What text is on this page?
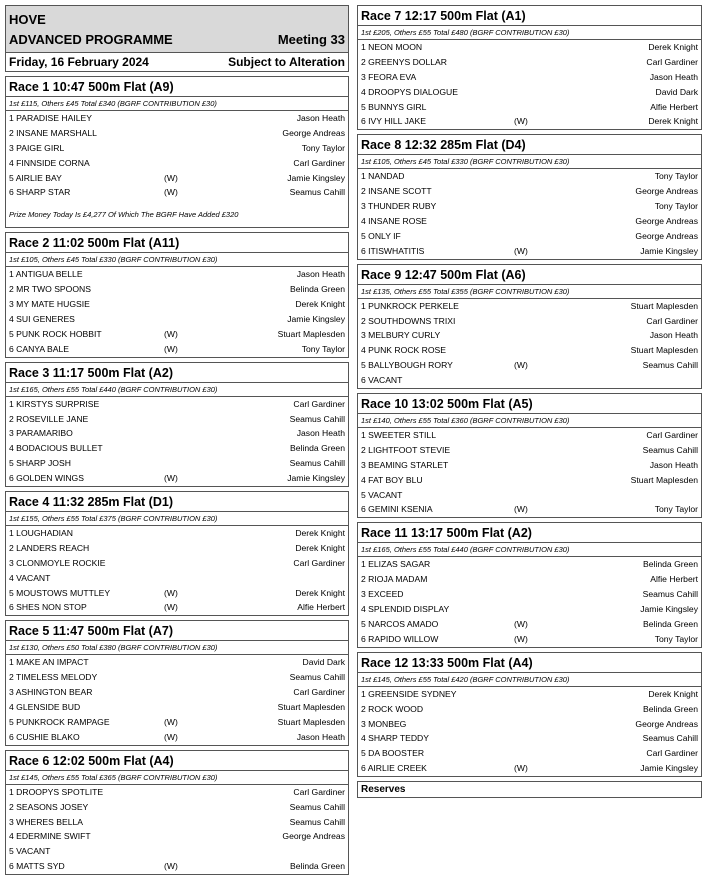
HOVE
ADVANCED PROGRAMME	Meeting 33
Friday, 16 February 2024	Subject to Alteration
Race 1 10:47 500m Flat (A9)
1st £115, Others £45 Total £340 (BGRF CONTRIBUTION £30)
1 PARADISE HAILEY	Jason Heath
2 INSANE MARSHALL	George Andreas
3 PAIGE GIRL	Tony Taylor
4 FINNSIDE CORNA	Carl Gardiner
5 AIRLIE BAY	(W)	Jamie Kingsley
6 SHARP STAR	(W)	Seamus Cahill
Prize Money Today Is £4,277 Of Which The BGRF Have Added £320
Race 2 11:02 500m Flat (A11)
1st £105, Others £45 Total £330 (BGRF CONTRIBUTION £30)
1 ANTIGUA BELLE	Jason Heath
2 MR TWO SPOONS	Belinda Green
3 MY MATE HUGSIE	Derek Knight
4 SUI GENERES	Jamie Kingsley
5 PUNK ROCK HOBBIT	(W)	Stuart Maplesden
6 CANYA BALE	(W)	Tony Taylor
Race 3 11:17 500m Flat (A2)
1st £165, Others £55 Total £440 (BGRF CONTRIBUTION £30)
1 KIRSTYS SURPRISE	Carl Gardiner
2 ROSEVILLE JANE	Seamus Cahill
3 PARAMARIBO	Jason Heath
4 BODACIOUS BULLET	Belinda Green
5 SHARP JOSH	Seamus Cahill
6 GOLDEN WINGS	(W)	Jamie Kingsley
Race 4 11:32 285m Flat (D1)
1st £155, Others £55 Total £375 (BGRF CONTRIBUTION £30)
1 LOUGHADIAN	Derek Knight
2 LANDERS REACH	Derek Knight
3 CLONMOYLE ROCKIE	Carl Gardiner
4 VACANT
5 MOUSTOWS MUTTLEY	(W)	Derek Knight
6 SHES NON STOP	(W)	Alfie Herbert
Race 5 11:47 500m Flat (A7)
1st £130, Others £50 Total £380 (BGRF CONTRIBUTION £30)
1 MAKE AN IMPACT	David Dark
2 TIMELESS MELODY	Seamus Cahill
3 ASHINGTON BEAR	Carl Gardiner
4 GLENSIDE BUD	Stuart Maplesden
5 PUNKROCK RAMPAGE	(W)	Stuart Maplesden
6 CUSHIE BLAKO	(W)	Jason Heath
Race 6 12:02 500m Flat (A4)
1st £145, Others £55 Total £365 (BGRF CONTRIBUTION £30)
1 DROOPYS SPOTLITE	Carl Gardiner
2 SEASONS JOSEY	Seamus Cahill
3 WHERES BELLA	Seamus Cahill
4 EDERMINE SWIFT	George Andreas
5 VACANT
6 MATTS SYD	(W)	Belinda Green
Race 7 12:17 500m Flat (A1)
1st £205, Others £55 Total £480 (BGRF CONTRIBUTION £30)
1 NEON MOON	Derek Knight
2 GREENYS DOLLAR	Carl Gardiner
3 FEORA EVA	Jason Heath
4 DROOPYS DIALOGUE	David Dark
5 BUNNYS GIRL	Alfie Herbert
6 IVY HILL JAKE	(W)	Derek Knight
Race 8 12:32 285m Flat (D4)
1st £105, Others £45 Total £330 (BGRF CONTRIBUTION £30)
1 NANDAD	Tony Taylor
2 INSANE SCOTT	George Andreas
3 THUNDER RUBY	Tony Taylor
4 INSANE ROSE	George Andreas
5 ONLY IF	George Andreas
6 ITISWHATITIS	(W)	Jamie Kingsley
Race 9 12:47 500m Flat (A6)
1st £135, Others £55 Total £355 (BGRF CONTRIBUTION £30)
1 PUNKROCK PERKELE	Stuart Maplesden
2 SOUTHDOWNS TRIXI	Carl Gardiner
3 MELBURY CURLY	Jason Heath
4 PUNK ROCK ROSE	Stuart Maplesden
5 BALLYBOUGH RORY	(W)	Seamus Cahill
6 VACANT
Race 10 13:02 500m Flat (A5)
1st £140, Others £55 Total £360 (BGRF CONTRIBUTION £30)
1 SWEETER STILL	Carl Gardiner
2 LIGHTFOOT STEVIE	Seamus Cahill
3 BEAMING STARLET	Jason Heath
4 FAT BOY BLU	Stuart Maplesden
5 VACANT
6 GEMINI KSENIA	(W)	Tony Taylor
Race 11 13:17 500m Flat (A2)
1st £165, Others £55 Total £440 (BGRF CONTRIBUTION £30)
1 ELIZAS SAGAR	Belinda Green
2 RIOJA MADAM	Alfie Herbert
3 EXCEED	Seamus Cahill
4 SPLENDID DISPLAY	Jamie Kingsley
5 NARCOS AMADO	(W)	Belinda Green
6 RAPIDO WILLOW	(W)	Tony Taylor
Race 12 13:33 500m Flat (A4)
1st £145, Others £55 Total £420 (BGRF CONTRIBUTION £30)
1 GREENSIDE SYDNEY	Derek Knight
2 ROCK WOOD	Belinda Green
3 MONBEG	George Andreas
4 SHARP TEDDY	Seamus Cahill
5 DA BOOSTER	Carl Gardiner
6 AIRLIE CREEK	(W)	Jamie Kingsley
Reserves
